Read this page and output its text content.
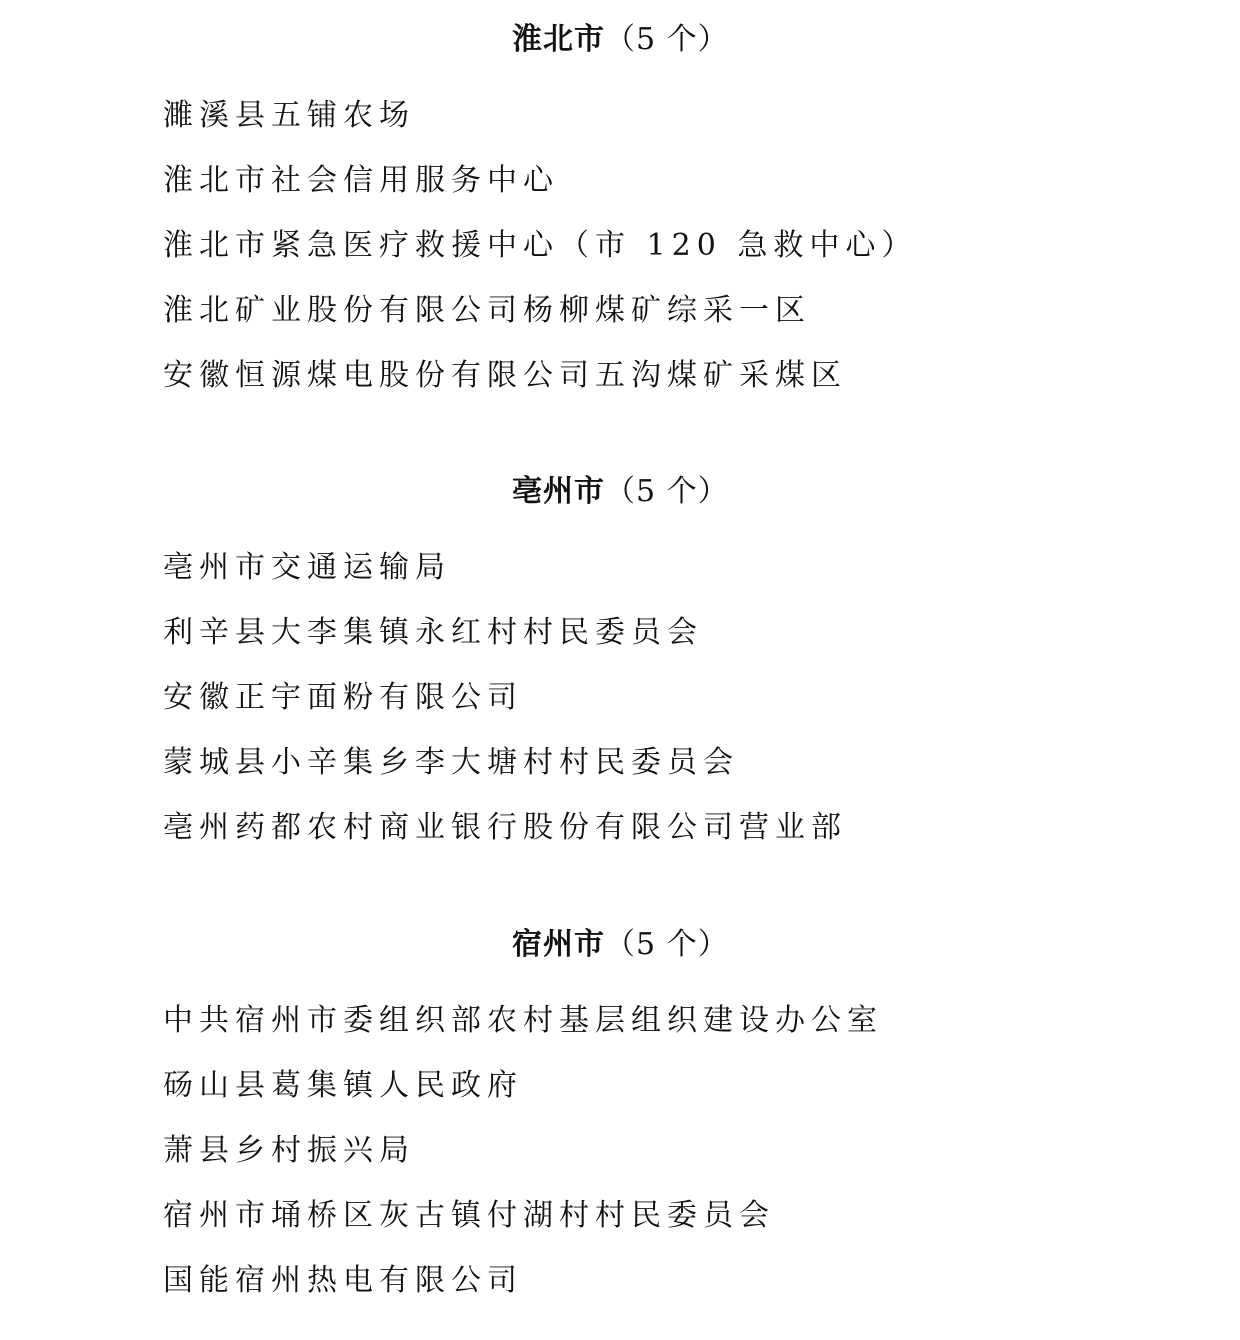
淮北市（5 个）
濉溪县五铺农场
淮北市社会信用服务中心
淮北市紧急医疗救援中心（市 120 急救中心）
淮北矿业股份有限公司杨柳煤矿综采一区
安徽恒源煤电股份有限公司五沟煤矿采煤区
亳州市（5 个）
亳州市交通运输局
利辛县大李集镇永红村村民委员会
安徽正宇面粉有限公司
蒙城县小辛集乡李大塘村村民委员会
亳州药都农村商业银行股份有限公司营业部
宿州市（5 个）
中共宿州市委组织部农村基层组织建设办公室
砀山县葛集镇人民政府
萧县乡村振兴局
宿州市埇桥区灰古镇付湖村村民委员会
国能宿州热电有限公司
